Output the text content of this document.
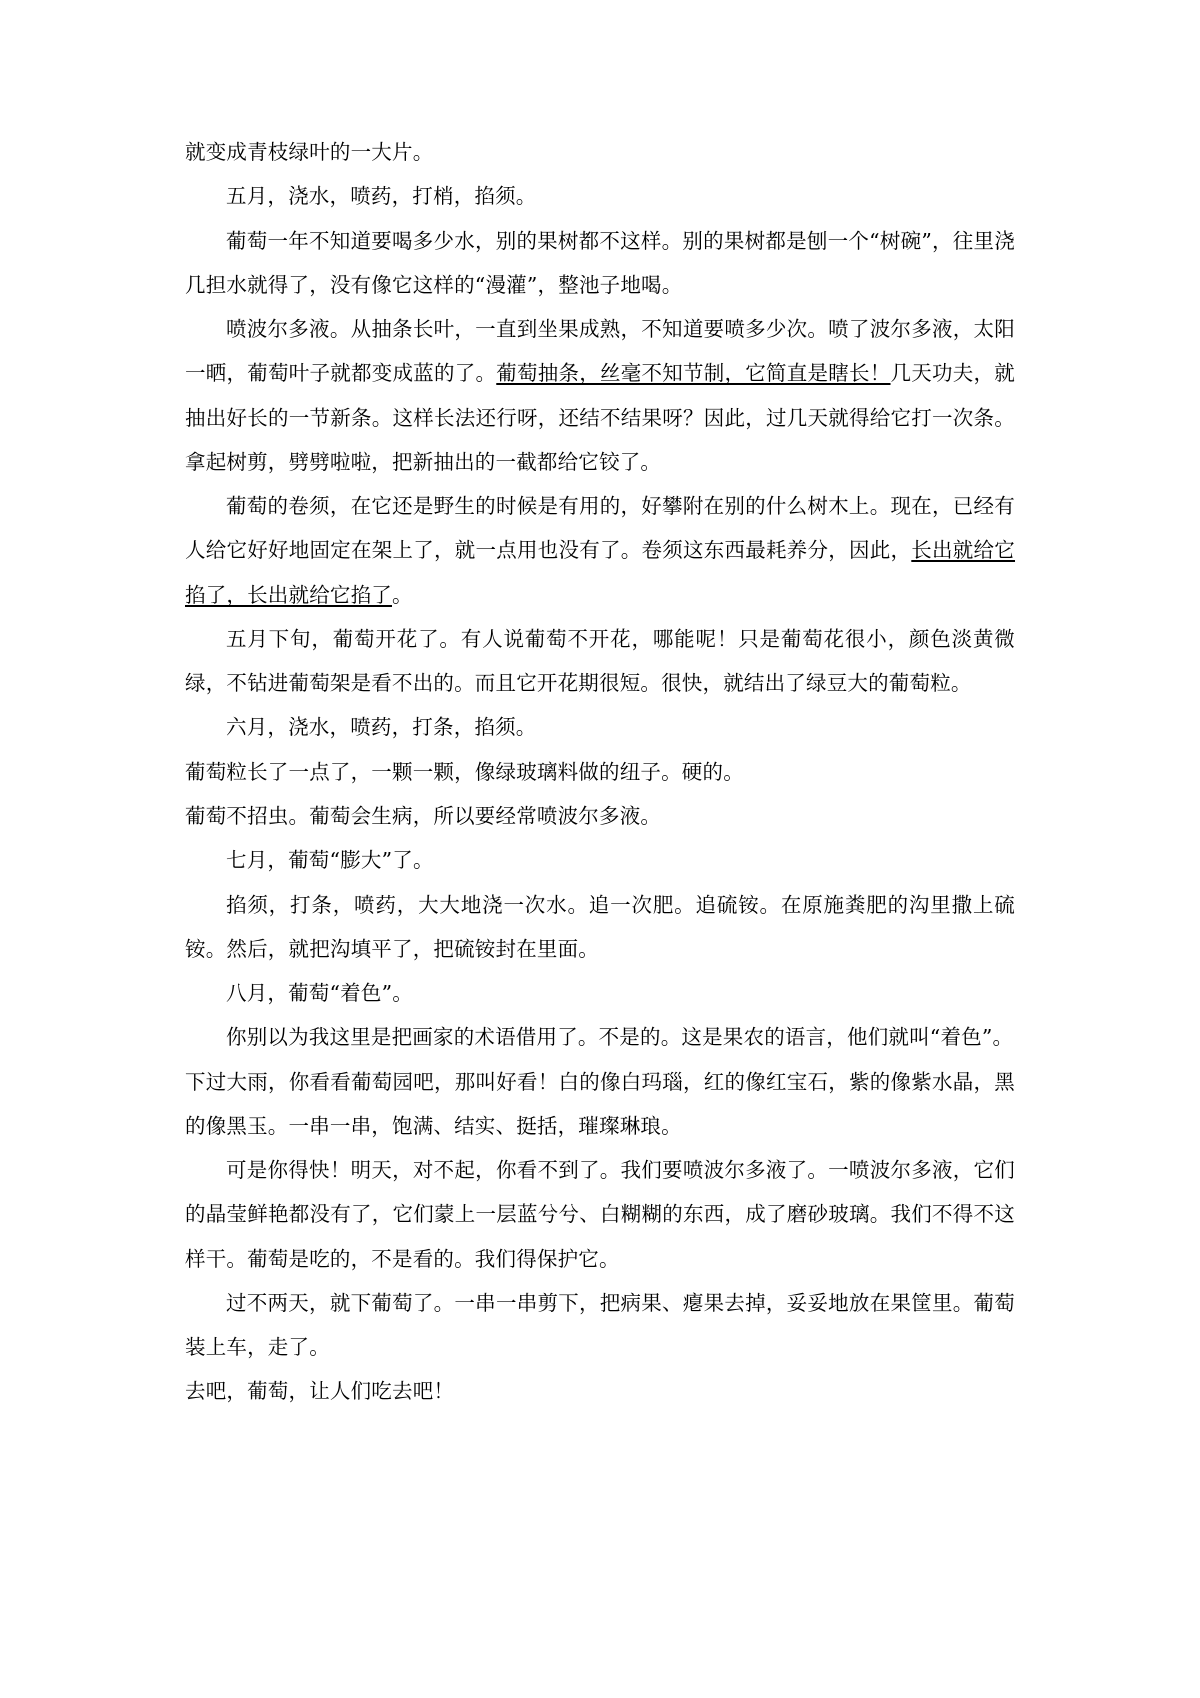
就变成青枝绿叶的一大片。

五月，浇水，喷药，打梢，掐须。

葡萄一年不知道要喝多少水，别的果树都不这样。别的果树都是刨一个“树碗”，往里浇几担水就得了，没有像它这样的“漫灌”，整池子地喝。

喷波尔多液。从抽条长叶，一直到坐果成熟，不知道要喷多少次。喷了波尔多液，太阳一晒，葡萄叶子就都变成蓝的了。葡萄抽条，丝毫不知节制，它简直是瞎长！几天功夫，就抽出好长的一节新条。这样长法还行呀，还结不结果呀？因此，过几天就得给它打一次条。拿起树剪，劈劈啦啦，把新抽出的一截都给它铰了。

葡萄的卷须，在它还是野生的时候是有用的，好攀附在别的什么树木上。现在，已经有人给它好好地固定在架上了，就一点用也没有了。卷须这东西最耗养分，因此，长出就给它掐了，长出就给它掐了。

五月下旬，葡萄开花了。有人说葡萄不开花，哪能呢！只是葡萄花很小，颜色淡黄微绿，不钻进葡萄架是看不出的。而且它开花期很短。很快，就结出了绿豆大的葡萄粒。

六月，浇水，喷药，打条，掐须。

葡萄粒长了一点了，一颗一颗，像绿玻璃料做的纽子。硬的。

葡萄不招虫。葡萄会生病，所以要经常喷波尔多液。

七月，葡萄“膨大”了。

掐须，打条，喷药，大大地浇一次水。追一次肥。追硫铵。在原施粪肥的沟里撒上硫铵。然后，就把沟填平了，把硫铵封在里面。

八月，葡萄“着色”。

你别以为我这里是把画家的术语借用了。不是的。这是果农的语言，他们就叫“着色”。

下过大雨，你看看葡萄园吧，那叫好看！白的像白玛瑙，红的像红宝石，紫的像紫水晶，黑的像黑玉。一串一串，饱满、结实、挺括，璀璨琳琅。

可是你得快！明天，对不起，你看不到了。我们要喷波尔多液了。一喷波尔多液，它们的晶莹鲜艳都没有了，它们蒙上一层蓝兮兮、白糊糊的东西，成了磨砂玻璃。我们不得不这样干。葡萄是吃的，不是看的。我们得保护它。

过不两天，就下葡萄了。一串一串剪下，把病果、瘪果去掉，妥妥地放在果筐里。葡萄装上车，走了。

去吧，葡萄，让人们吃去吧！
